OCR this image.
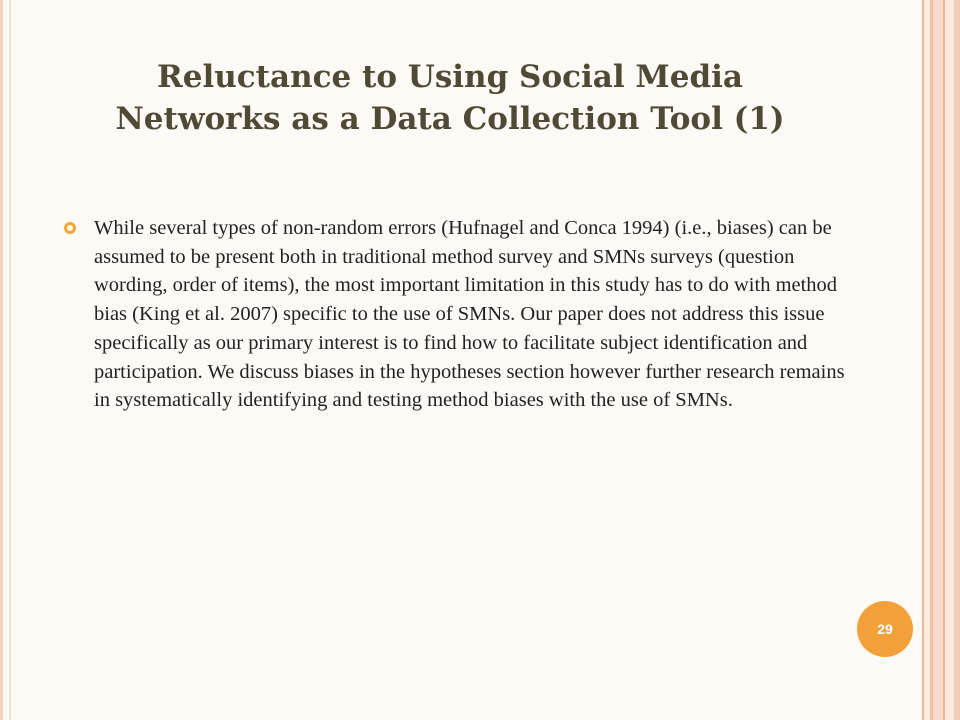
Reluctance to Using Social Media
Networks as a Data Collection Tool (1)
While several types of non-random errors (Hufnagel and Conca 1994) (i.e., biases) can be assumed to be present both in traditional method survey and SMNs surveys (question wording, order of items), the most important limitation in this study has to do with method bias (King et al. 2007) specific to the use of SMNs. Our paper does not address this issue specifically as our primary interest is to find how to facilitate subject identification and participation. We discuss biases in the hypotheses section however further research remains in systematically identifying and testing method biases with the use of SMNs.
29
